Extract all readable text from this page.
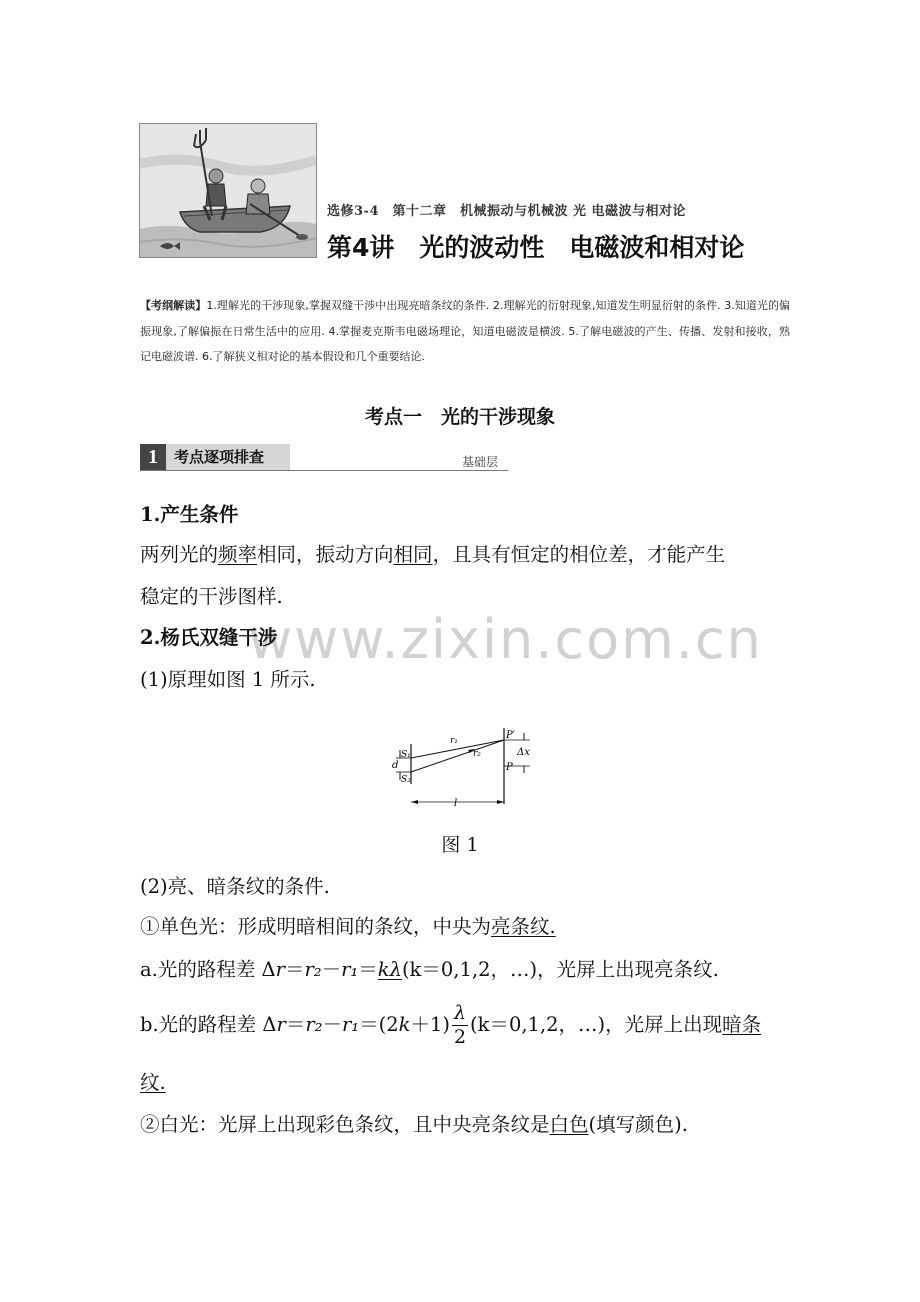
选修3-4　第十二章　机械振动与机械波 光 电磁波与相对论
第4讲　光的波动性　电磁波和相对论
【考纲解读】1.理解光的干涉现象,掌握双缝干涉中出现亮暗条纹的条件. 2.理解光的衍射现象,知道发生明显衍射的条件. 3.知道光的偏振现象,了解偏振在日常生活中的应用. 4.掌握麦克斯韦电磁场理论，知道电磁波是横波. 5.了解电磁波的产生、传播、发射和接收，熟记电磁波谱. 6.了解狭义相对论的基本假设和几个重要结论.
考点一　光的干涉现象
1	考点逐项排查	基础层
www.zixin.com.cn
1.产生条件
两列光的频率相同，振动方向相同，且具有恒定的相位差，才能产生
稳定的干涉图样.
2.杨氏双缝干涉
(1)原理如图 1 所示.
S₁
d
S₂
r₁
r₂
P′
P
Δx
l
图 1
(2)亮、暗条纹的条件.
①单色光：形成明暗相间的条纹，中央为亮条纹.
a.光的路程差 Δr＝r₂－r₁＝kλ(k＝0,1,2，…)，光屏上出现亮条纹.
b.光的路程差 $\Delta r=r_2-r_1=(2k+1) \frac{\lambda}{2} (k=0,1,2$，…)，光屏上出现暗条
纹.
②白光：光屏上出现彩色条纹，且中央亮条纹是白色(填写颜色).
